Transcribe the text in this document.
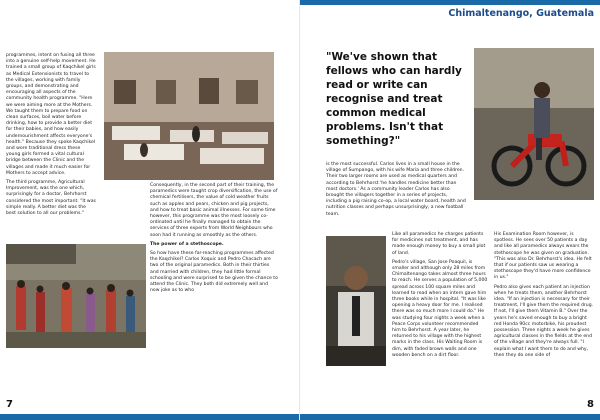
programmes, intent on fusing all three into a genuine self-help movement. He trained a small group of Kaqchikel girls as Medical Extensionists to travel to the villages, working with family groups, and demonstrating and encouraging all aspects of the community health programme. "Here we were aiming more at the Mothers. We taught them to prepare food on clean surfaces, boil water before drinking, how to provide a better diet for their babies, and how easily undernourishment affects everyone's health." Because they spoke Kaqchikel and wore traditional dress these young girls formed a vital cultural bridge between the Clinic and the villages and made it much easier for Mothers to accept advice.

The third programme, Agricultural Improvement, was the one which, surprisingly for a doctor, Behrhorst considered the most important. "It was simple really. A better diet was the best solution to all our problems."

Consequently, in the second part of their training, the paramedics were taught crop diversification, the use of chemical fertilisers, the value of cold weather fruits such as apples and pears, chicken and pig projects, and how to treat basic animal illnesses. For some time however, this programme was the most loosely co-ordinated until he finally managed to obtain the services of three experts from World Neighbours who soon had it running as smoothly as the others.

The power of a stethoscope.

So how have these far-reaching programmes affected the Kaqchikel? Carlos Xoquic and Pedro Chacach are two of the original paramedics. Both in their thirties and married with children, they had little formal schooling and were surprised to be given the chance to attend the Clinic. They both did extremely well and now joke as to who

7
Chimaltenango, Guatemala
"We've shown that fellows who can hardly read or write can recognise and treat common medical problems. Isn't that something?"

is the most successful. Carlos lives in a small house in the village of Sumpango, with his wife Maria and three children. Their two larger rooms are used as medical quarters and according to Behrhorst 'he handles medicine better than most doctors.' As a community leader Carlos has also brought the villagers together in a series of projects, including a pig raising co-op, a local water board, health and nutrition classes and perhaps unsurprisingly, a new football team.

Like all paramedics he charges patients for medicines not treatment, and has made enough money to buy a small plot of land.

Pedro's village, San Jose Poaquil, is smaller and although only 28 miles from Chimaltenango takes almost three hours to reach. He serves a population of 5,000 spread across 100 square miles and learned to read when an intern gave him three books while in hospital. "It was like opening a heavy door for me. I realised there was so much more I could do." He was studying four nights a week when a Peace Corps volunteer recommended him to Behrhorst. A year later, he returned to his village with the highest marks in the class. His Waiting Room is dim, with faded brown walls and one wooden bench on a dirt floor.

His Examination Room however, is spotless. He sees over 50 patients a day and like all paramedics always wears the stethoscope he was given on graduation. "This was also Dr. Behrhorst's idea. He felt that if our patients saw us wearing a stethoscope they'd have more confidence in us."

Pedro also gives each patient an injection when he treats them, another Behrhorst idea. "If an injection is necessary for their treatment, I'll give them the required drug. If not, I'll give them Vitamin B." Over the years he's saved enough to buy a bright red Honda 90cc motorbike, his proudest possession. Three nights a week he gives agricultural classes in the fields at the end of the village and they're always full. "I explain what I want them to do and why, then they do one side of

8
